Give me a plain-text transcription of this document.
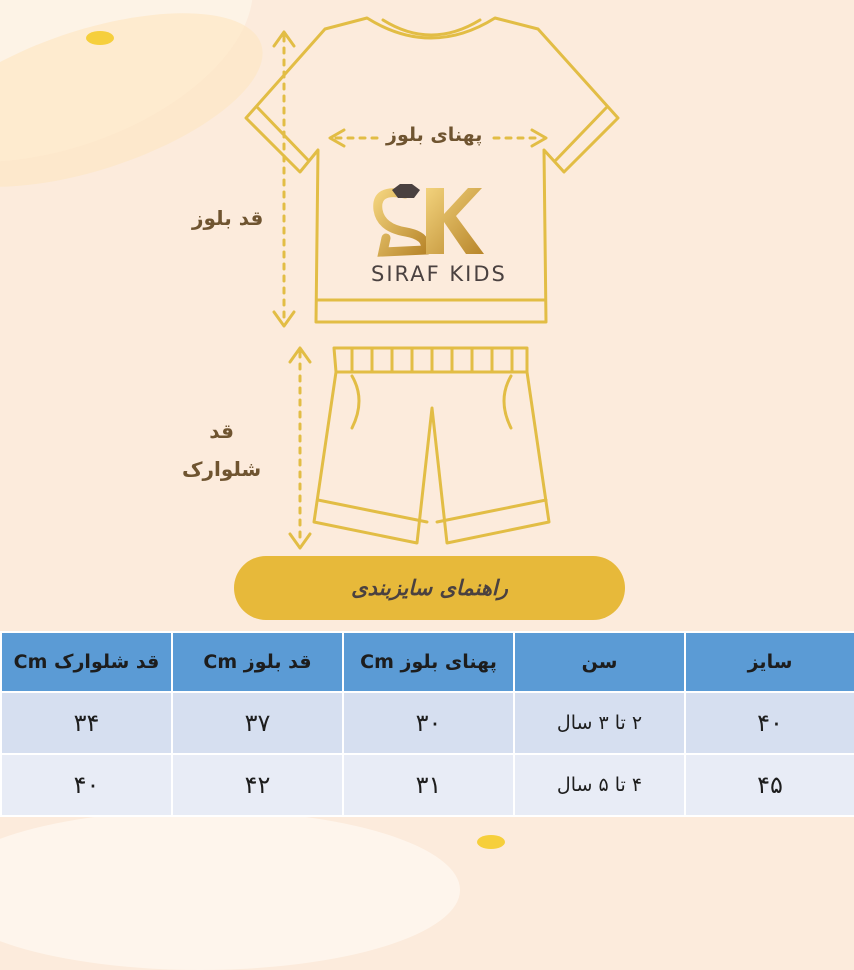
پهنای بلوز
قد بلوز
قد
شلوارک
SIRAF KIDS
راهنمای سایزبندی
قد شلوارک Cm	قد بلوز Cm	پهنای بلوز Cm	سن	سایز
۳۴	۳۷	۳۰	۲ تا ۳ سال	۴۰
۴۰	۴۲	۳۱	۴ تا ۵ سال	۴۵
